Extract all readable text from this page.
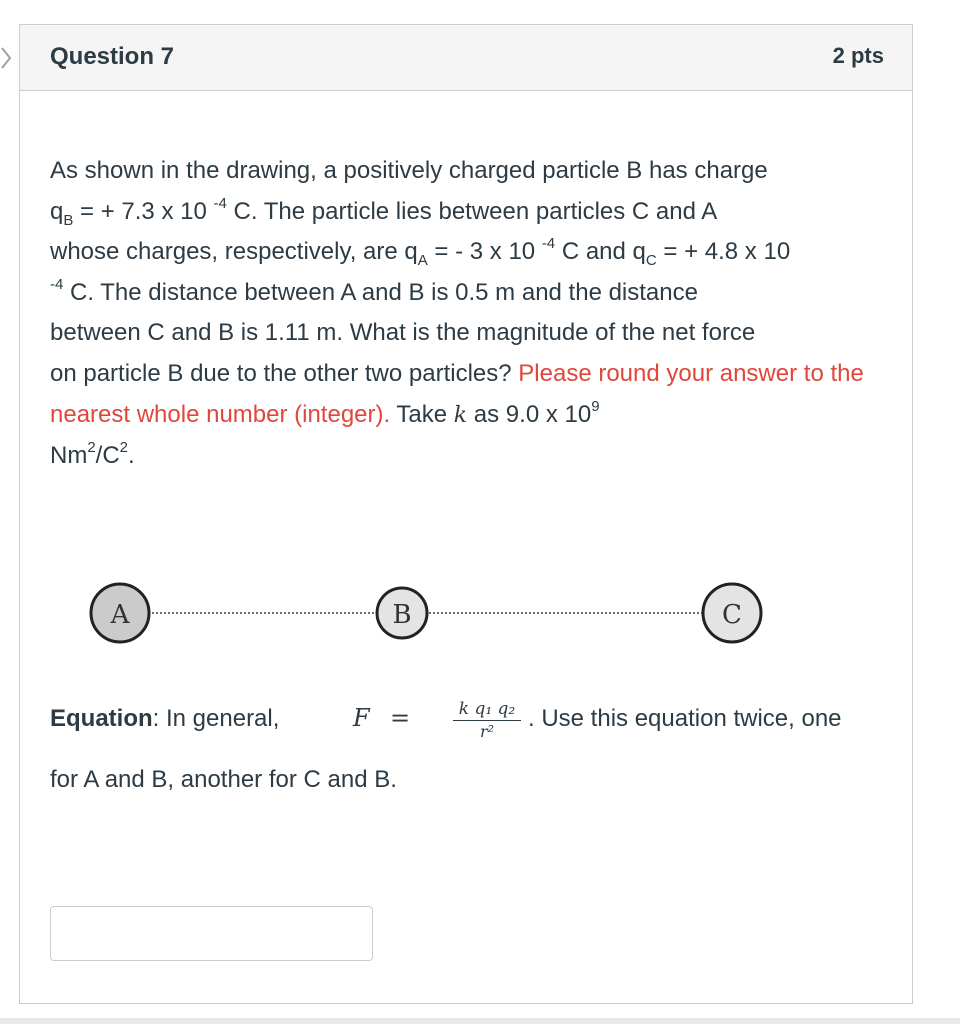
Question 7	2 pts
As shown in the drawing, a positively charged particle B has charge
$q_B$ = + 7.3 x 10 $^{-4}$ C. The particle lies between particles C and A
whose charges, respectively, are $q_A$ = - 3 x 10 $^{-4}$ C and $q_C$ = + 4.8 x 10
$^{-4}$ C. The distance between A and B is 0.5 m and the distance
between C and B is 1.11 m. What is the magnitude of the net force
on particle B due to the other two particles? Please round your answer to the nearest whole number (integer). Take k as 9.0 x $10^9$
$Nm^2/C^2$.
A	B	C
Equation: In general,	F =	k q₁ q₂
r²	. Use this equation twice, one
for A and B, another for C and B.
